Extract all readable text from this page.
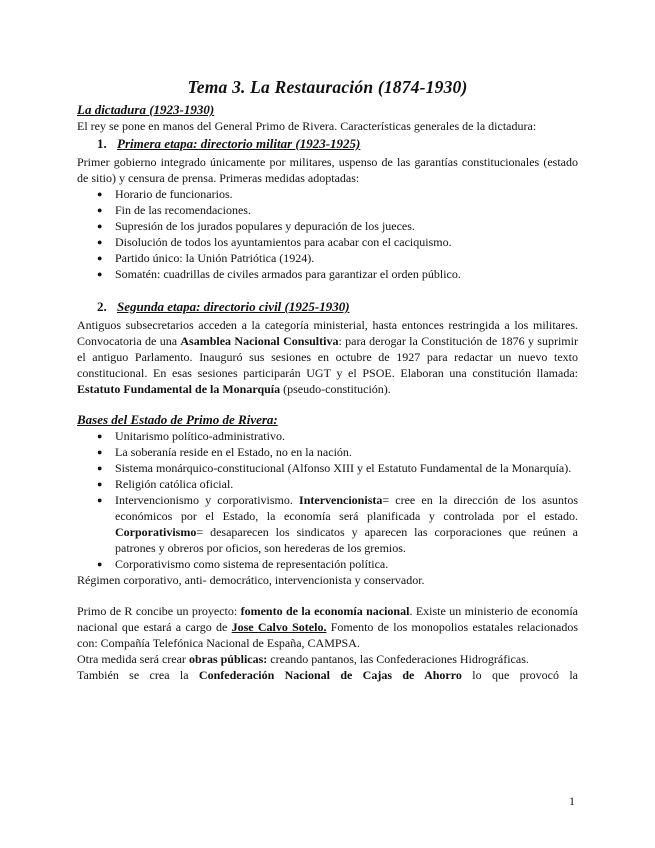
Tema 3. La Restauración (1874-1930)
La dictadura (1923-1930)

El rey se pone en manos del General Primo de Rivera. Características generales de la dictadura:

1. Primera etapa: directorio militar (1923-1925)

Primer gobierno integrado únicamente por militares, uspenso de las garantías constitucionales (estado de sitio) y censura de prensa. Primeras medidas adoptadas:

●	Horario de funcionarios.
●	Fin de las recomendaciones.
●	Supresión de los jurados populares y depuración de los jueces.
●	Disolución de todos los ayuntamientos para acabar con el caciquismo.
●	Partido único: la Unión Patriótica (1924).
●	Somatén: cuadrillas de civiles armados para garantizar el orden público.
2. Segunda etapa: directorio civil (1925-1930)

Antiguos subsecretarios acceden a la categoría ministerial, hasta entonces restringida a los militares. Convocatoria de una Asamblea Nacional Consultiva: para derogar la Constitución de 1876 y suprimir el antiguo Parlamento. Inauguró sus sesiones en octubre de 1927 para redactar un nuevo texto constitucional. En esas sesiones participarán UGT y el PSOE. Elaboran una constitución llamada: Estatuto Fundamental de la Monarquía (pseudo-constitución).

Bases del Estado de Primo de Rivera:
●	Unitarismo político-administrativo.
●	La soberanía reside en el Estado, no en la nación.
●	Sistema monárquico-constitucional (Alfonso XIII y el Estatuto Fundamental de la Monarquía).
●	Religión católica oficial.
●	Intervencionismo y corporativismo. Intervencionista= cree en la dirección de los asuntos económicos por el Estado, la economía será planificada y controlada por el estado. Corporativismo= desaparecen los sindicatos y aparecen las corporaciones que reúnen a patrones y obreros por oficios, son herederas de los gremios.
●	Corporativismo como sistema de representación política.

Régimen corporativo, anti- democrático, intervencionista y conservador.

Primo de R concibe un proyecto: fomento de la economía nacional. Existe un ministerio de economía nacional que estará a cargo de Jose Calvo Sotelo. Fomento de los monopolios estatales relacionados con: Compañía Telefónica Nacional de España, CAMPSA.

Otra medida será crear obras públicas: creando pantanos, las Confederaciones Hidrográficas.

También se crea la Confederación Nacional de Cajas de Ahorro lo que provocó la

1
